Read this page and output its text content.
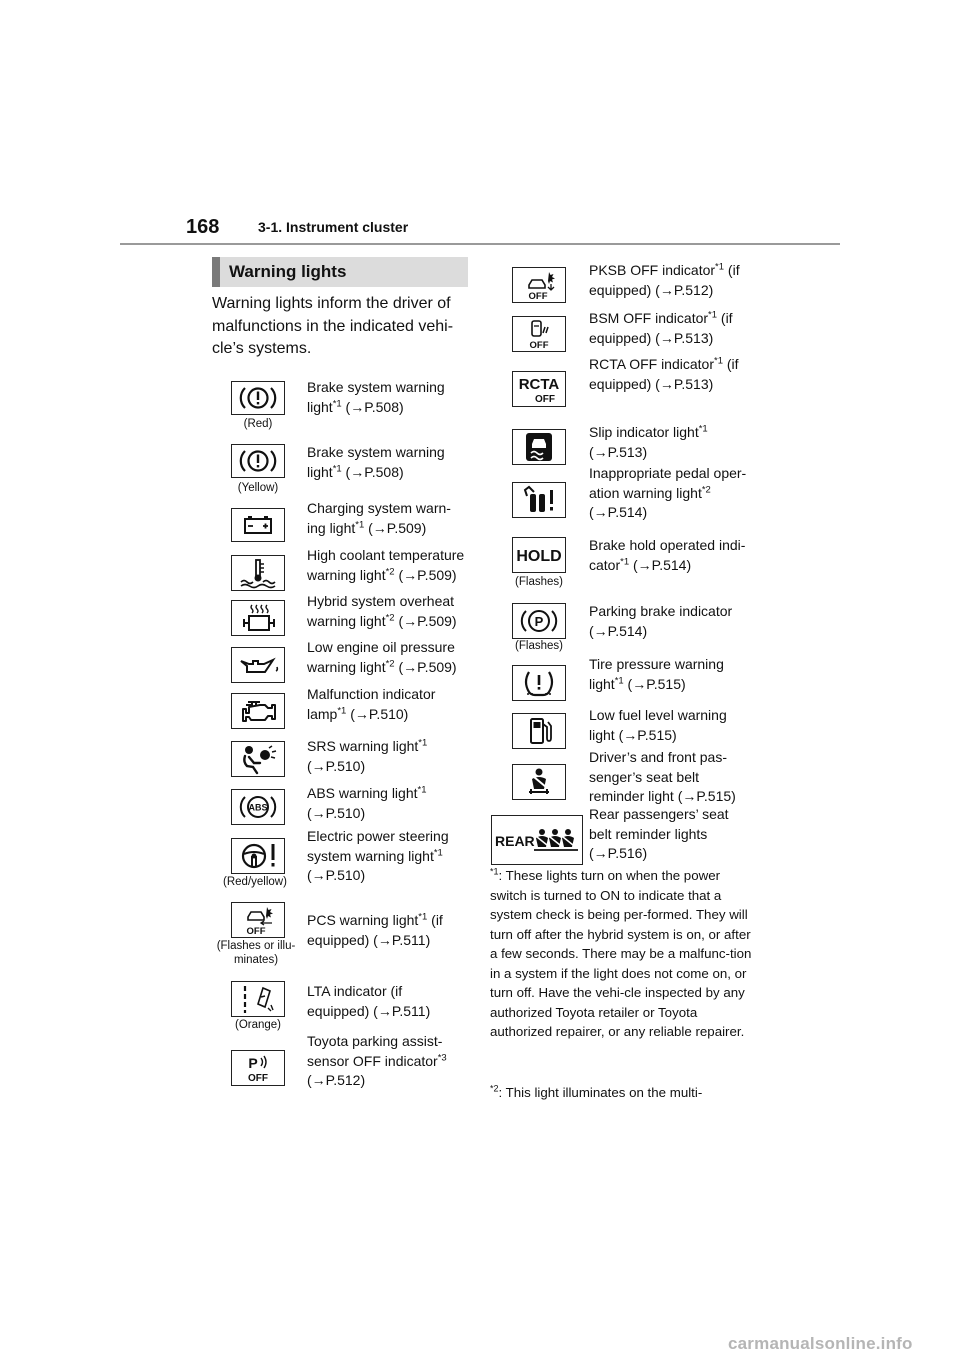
168	3-1. Instrument cluster
Warning lights
Warning lights inform the driver of malfunctions in the indicated vehi-cle’s systems.
(Red)
Brake system warning light$^{*1}$ (→P.508)
(Yellow)
Brake system warning light$^{*1}$ (→P.508)
Charging system warn-ing light$^{*1}$ (→P.509)
High coolant temperature warning light$^{*2}$ (→P.509)
Hybrid system overheat warning light$^{*2}$ (→P.509)
Low engine oil pressure warning light$^{*2}$ (→P.509)
Malfunction indicator lamp$^{*1}$ (→P.510)
SRS warning light$^{*1}$ (→P.510)
ABS
ABS warning light$^{*1}$ (→P.510)
(Red/yellow)
Electric power steering system warning light$^{*1}$ (→P.510)
OFF
(Flashes or illu-minates)
PCS warning light$^{*1}$ (if equipped) (→P.511)
(Orange)
LTA indicator (if equipped) (→P.511)
P
OFF
Toyota parking assist-sensor OFF indicator$^{*3}$ (→P.512)
OFF
PKSB OFF indicator$^{*1}$ (if equipped) (→P.512)
OFF
BSM OFF indicator$^{*1}$ (if equipped) (→P.513)
RCTA
OFF
RCTA OFF indicator$^{*1}$ (if equipped) (→P.513)
Slip indicator light$^{*1}$ (→P.513)
Inappropriate pedal oper-ation warning light$^{*2}$ (→P.514)
HOLD
(Flashes)
Brake hold operated indi-cator$^{*1}$ (→P.514)
P
(Flashes)
Parking brake indicator (→P.514)
Tire pressure warning light$^{*1}$ (→P.515)
Low fuel level warning light (→P.515)
Driver’s and front pas-senger’s seat belt reminder light (→P.515)
REAR
Rear passengers’ seat belt reminder lights (→P.516)
$^{*1}$: These lights turn on when the power switch is turned to ON to indicate that a system check is being per-formed. They will turn off after the hybrid system is on, or after a few seconds. There may be a malfunc-tion in a system if the light does not come on, or turn off. Have the vehi-cle inspected by any authorized Toyota retailer or Toyota authorized repairer, or any reliable repairer.
$^{*2}$: This light illuminates on the multi-
carmanualsonline.info
